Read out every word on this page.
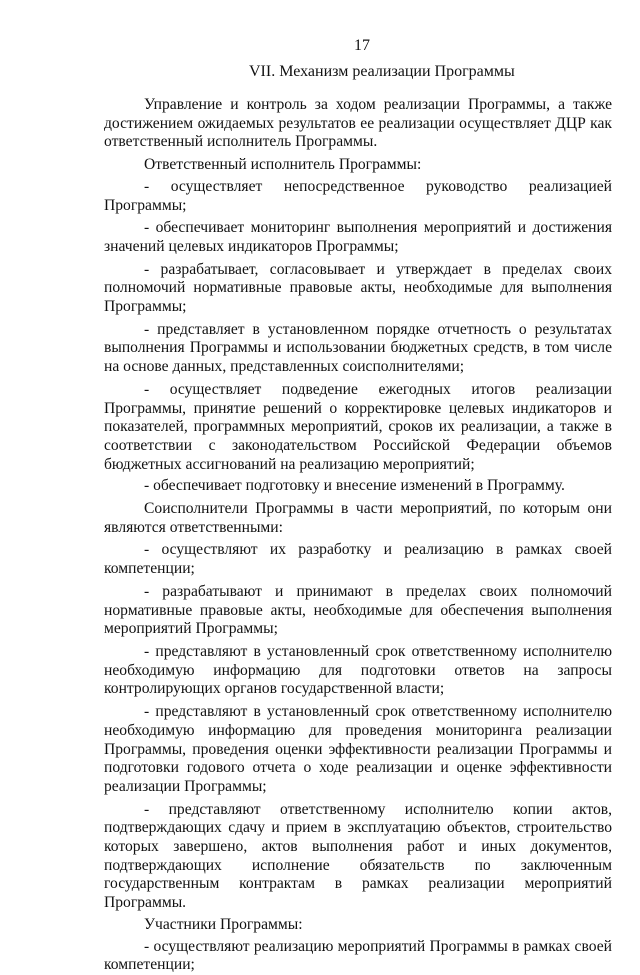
17
VII. Механизм реализации Программы

Управление и контроль за ходом реализации Программы, а также достижением ожидаемых результатов ее реализации осуществляет ДЦР как ответственный исполнитель Программы.

Ответственный исполнитель Программы:

- осуществляет непосредственное руководство реализацией Программы;

- обеспечивает мониторинг выполнения мероприятий и достижения значений целевых индикаторов Программы;

- разрабатывает, согласовывает и утверждает в пределах своих полномочий нормативные правовые акты, необходимые для выполнения Программы;

- представляет в установленном порядке отчетность о результатах выполнения Программы и использовании бюджетных средств, в том числе на основе данных, представленных соисполнителями;

- осуществляет подведение ежегодных итогов реализации Программы, принятие решений о корректировке целевых индикаторов и показателей, программных мероприятий, сроков их реализации, а также в соответствии с законодательством Российской Федерации объемов бюджетных ассигнований на реализацию мероприятий;

- обеспечивает подготовку и внесение изменений в Программу.

Соисполнители Программы в части мероприятий, по которым они являются ответственными:

- осуществляют их разработку и реализацию в рамках своей компетенции;

- разрабатывают и принимают в пределах своих полномочий нормативные правовые акты, необходимые для обеспечения выполнения мероприятий Программы;

- представляют в установленный срок ответственному исполнителю необходимую информацию для подготовки ответов на запросы контролирующих органов государственной власти;

- представляют в установленный срок ответственному исполнителю необходимую информацию для проведения мониторинга реализации Программы, проведения оценки эффективности реализации Программы и подготовки годового отчета о ходе реализации и оценке эффективности реализации Программы;

- представляют ответственному исполнителю копии актов, подтверждающих сдачу и прием в эксплуатацию объектов, строительство которых завершено, актов выполнения работ и иных документов, подтверждающих исполнение обязательств по заключенным государственным контрактам в рамках реализации мероприятий Программы.

Участники Программы:

- осуществляют реализацию мероприятий Программы в рамках своей компетенции;
